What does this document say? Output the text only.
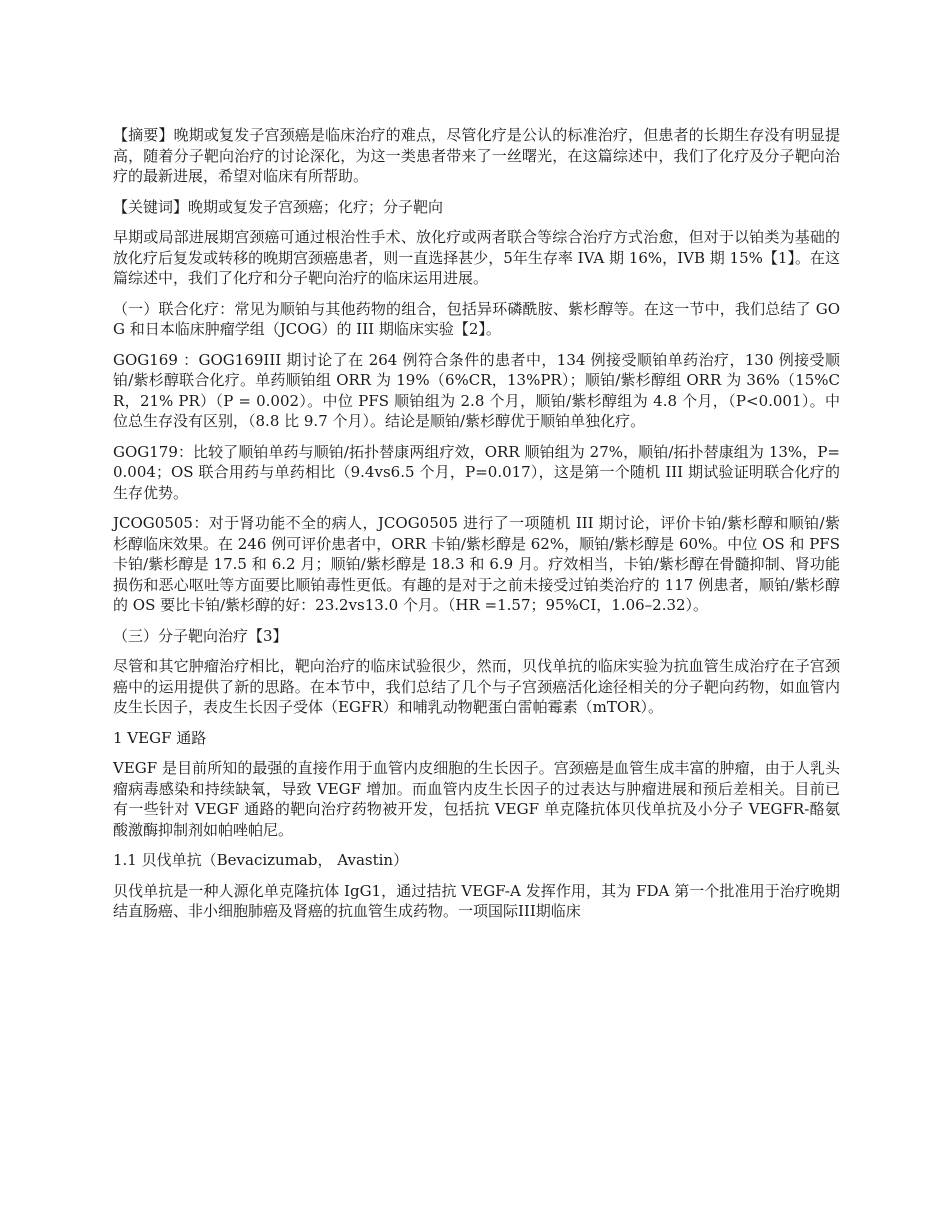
【摘要】晚期或复发子宫颈癌是临床治疗的难点，尽管化疗是公认的标准治疗，但患者的长期生存没有明显提高，随着分子靶向治疗的讨论深化，为这一类患者带来了一丝曙光，在这篇综述中，我们了化疗及分子靶向治疗的最新进展，希望对临床有所帮助。

【关键词】晚期或复发子宫颈癌；化疗；分子靶向

早期或局部进展期宫颈癌可通过根治性手术、放化疗或两者联合等综合治疗方式治愈，但对于以铂类为基础的放化疗后复发或转移的晚期宫颈癌患者，则一直选择甚少，5年生存率 IVA 期 16%，IVB 期 15%【1】。在这篇综述中，我们了化疗和分子靶向治疗的临床运用进展。

（一）联合化疗：常见为顺铂与其他药物的组合，包括异环磷酰胺、紫杉醇等。在这一节中，我们总结了 GOG 和日本临床肿瘤学组（JCOG）的 III 期临床实验【2】。

GOG169 ：GOG169III 期讨论了在 264 例符合条件的患者中，134 例接受顺铂单药治疗，130 例接受顺铂/紫杉醇联合化疗。单药顺铂组 ORR 为 19%（6%CR，13%PR）；顺铂/紫杉醇组 ORR 为 36%（15%CR，21% PR）（P = 0.002）。中位 PFS 顺铂组为 2.8 个月，顺铂/紫杉醇组为 4.8 个月，（P<0.001）。中位总生存没有区别，（8.8 比 9.7 个月）。结论是顺铂/紫杉醇优于顺铂单独化疗。

GOG179：比较了顺铂单药与顺铂/拓扑替康两组疗效，ORR 顺铂组为 27%，顺铂/拓扑替康组为 13%，P=0.004；OS 联合用药与单药相比（9.4vs6.5 个月，P=0.017），这是第一个随机 III 期试验证明联合化疗的生存优势。

JCOG0505：对于肾功能不全的病人，JCOG0505 进行了一项随机 III 期讨论，评价卡铂/紫杉醇和顺铂/紫杉醇临床效果。在 246 例可评价患者中，ORR 卡铂/紫杉醇是 62%，顺铂/紫杉醇是 60%。中位 OS 和 PFS 卡铂/紫杉醇是 17.5 和 6.2 月；顺铂/紫杉醇是 18.3 和 6.9 月。疗效相当，卡铂/紫杉醇在骨髓抑制、肾功能损伤和恶心呕吐等方面要比顺铂毒性更低。有趣的是对于之前未接受过铂类治疗的 117 例患者，顺铂/紫杉醇的 OS 要比卡铂/紫杉醇的好：23.2vs13.0 个月。（HR =1.57；95%CI，1.06–2.32）。

（三）分子靶向治疗【3】

尽管和其它肿瘤治疗相比，靶向治疗的临床试验很少，然而，贝伐单抗的临床实验为抗血管生成治疗在子宫颈癌中的运用提供了新的思路。在本节中，我们总结了几个与子宫颈癌活化途径相关的分子靶向药物，如血管内皮生长因子，表皮生长因子受体（EGFR）和哺乳动物靶蛋白雷帕霉素（mTOR）。

1 VEGF 通路

VEGF 是目前所知的最强的直接作用于血管内皮细胞的生长因子。宫颈癌是血管生成丰富的肿瘤，由于人乳头瘤病毒感染和持续缺氧，导致 VEGF 增加。而血管内皮生长因子的过表达与肿瘤进展和预后差相关。目前已有一些针对 VEGF 通路的靶向治疗药物被开发，包括抗 VEGF 单克隆抗体贝伐单抗及小分子 VEGFR-酪氨酸激酶抑制剂如帕唑帕尼。

1.1 贝伐单抗（Bevacizumab， Avastin）

贝伐单抗是一种人源化单克隆抗体 IgG1，通过拮抗 VEGF-A 发挥作用，其为 FDA 第一个批准用于治疗晚期结直肠癌、非小细胞肺癌及肾癌的抗血管生成药物。一项国际III期临床
